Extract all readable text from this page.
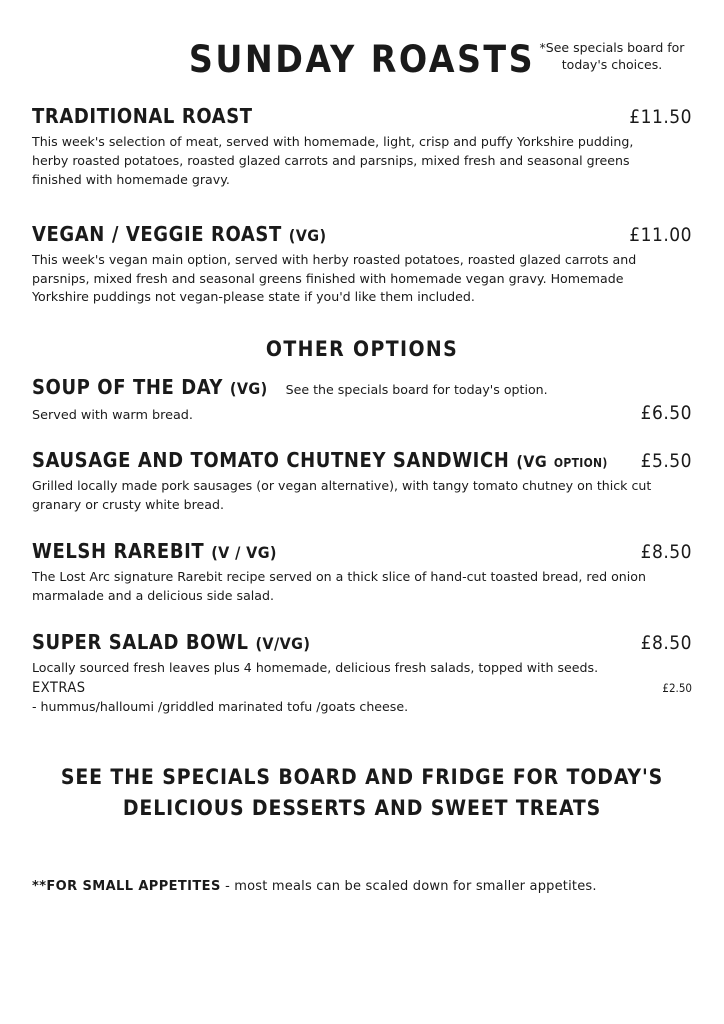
SUNDAY ROASTS *See specials board for today's choices.
TRADITIONAL ROAST	£11.50
This week's selection of meat, served with homemade, light, crisp and puffy Yorkshire pudding, herby roasted potatoes, roasted glazed carrots and parsnips, mixed fresh and seasonal greens finished with homemade gravy.
VEGAN / VEGGIE ROAST (VG)	£11.00
This week's vegan main option, served with herby roasted potatoes, roasted glazed carrots and parsnips, mixed fresh and seasonal greens finished with homemade vegan gravy. Homemade Yorkshire puddings not vegan-please state if you'd like them included.
OTHER OPTIONS
SOUP OF THE DAY (VG) See the specials board for today's option.
Served with warm bread.	£6.50
SAUSAGE AND TOMATO CHUTNEY SANDWICH (VG OPTION) £5.50
Grilled locally made pork sausages (or vegan alternative), with tangy tomato chutney on thick cut granary or crusty white bread.
WELSH RAREBIT (V / VG)	£8.50
The Lost Arc signature Rarebit recipe served on a thick slice of hand-cut toasted bread, red onion marmalade and a delicious side salad.
SUPER SALAD BOWL (V/VG)	£8.50
Locally sourced fresh leaves plus 4 homemade, delicious fresh salads, topped with seeds.
EXTRAS	£2.50
- hummus/halloumi /griddled marinated tofu /goats cheese.
SEE THE SPECIALS BOARD AND FRIDGE FOR TODAY'S
DELICIOUS DESSERTS AND SWEET TREATS
**FOR SMALL APPETITES - most meals can be scaled down for smaller appetites.
